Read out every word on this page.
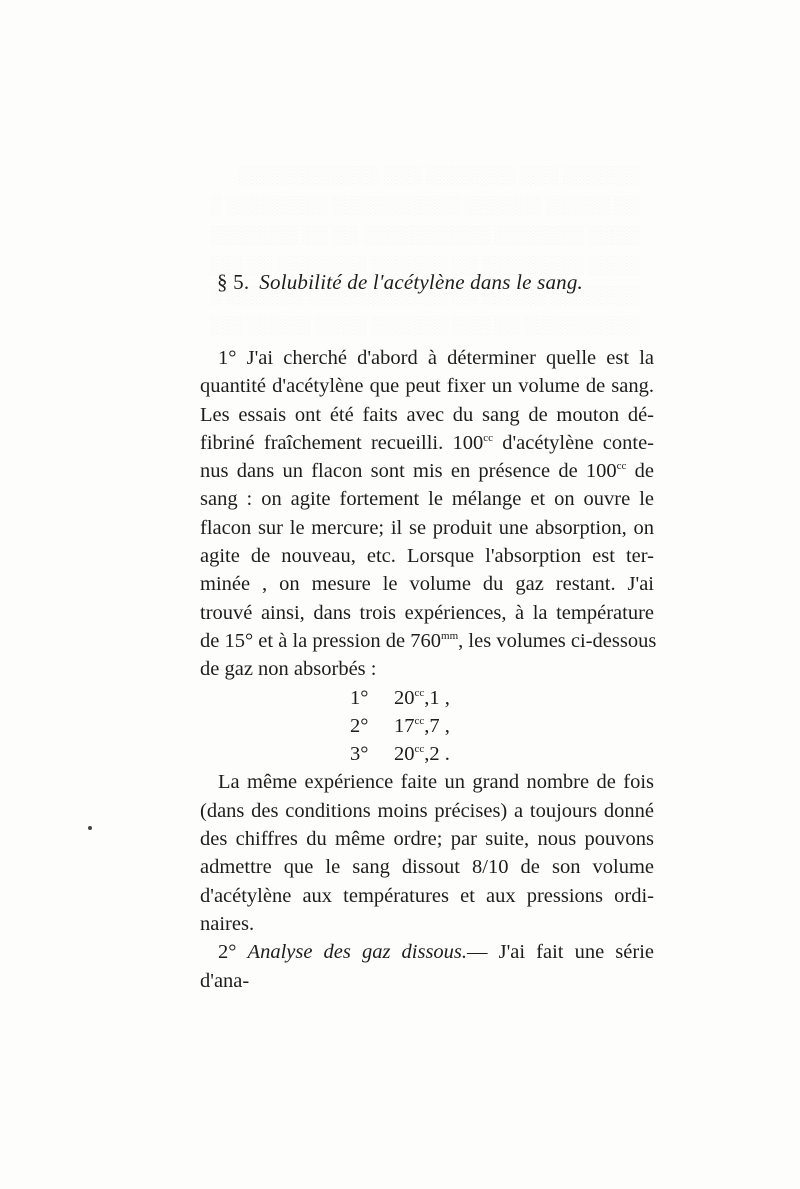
§ 5. Solubilité de l'acétylène dans le sang.
1° J'ai cherché d'abord à déterminer quelle est la
quantité d'acétylène que peut fixer un volume de sang.
Les essais ont été faits avec du sang de mouton dé-
fibriné fraîchement recueilli. $100^{cc}$ d'acétylène conte-
nus dans un flacon sont mis en présence de $100^{cc}$ de
sang : on agite fortement le mélange et on ouvre le
flacon sur le mercure; il se produit une absorption, on
agite de nouveau, etc. Lorsque l'absorption est ter-
minée , on mesure le volume du gaz restant. J'ai
trouvé ainsi, dans trois expériences, à la température
de 15° et à la pression de $760^{mm}$, les volumes ci-dessous
de gaz non absorbés :
1° $20^{cc},1$ ,
2° $17^{cc},7$ ,
3° $20^{cc},2$ .
La même expérience faite un grand nombre de fois
(dans des conditions moins précises) a toujours donné
des chiffres du même ordre; par suite, nous pouvons
admettre que le sang dissout 8/10 de son volume
d'acétylène aux températures et aux pressions ordi-
naires.
2° Analyse des gaz dissous.— J'ai fait une série d'ana-
